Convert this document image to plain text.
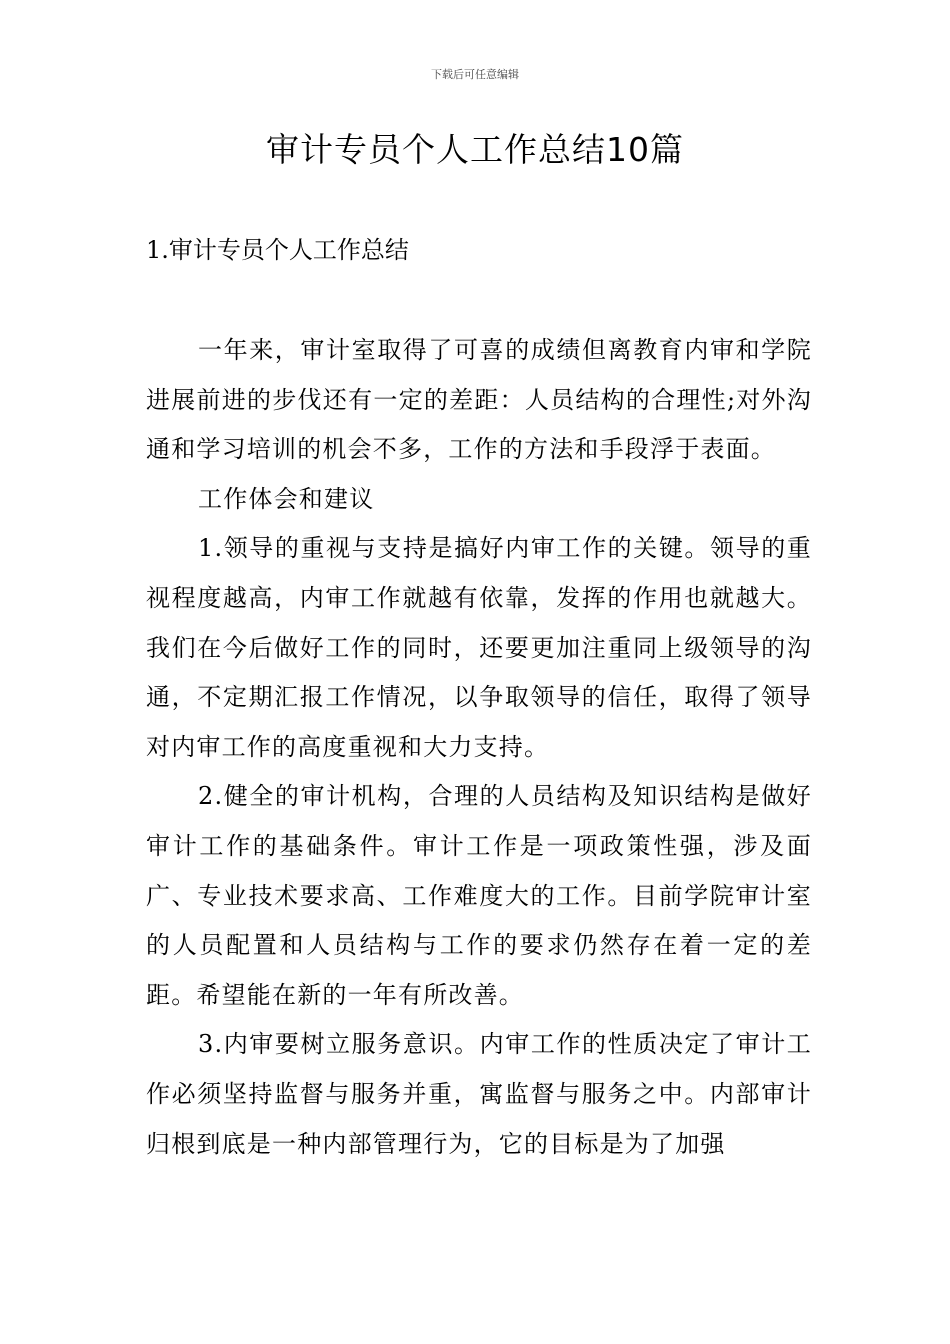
下载后可任意编辑
审计专员个人工作总结10篇
1.审计专员个人工作总结

一年来，审计室取得了可喜的成绩但离教育内审和学院进展前进的步伐还有一定的差距：人员结构的合理性;对外沟通和学习培训的机会不多，工作的方法和手段浮于表面。

工作体会和建议

1.领导的重视与支持是搞好内审工作的关键。领导的重视程度越高，内审工作就越有依靠，发挥的作用也就越大。我们在今后做好工作的同时，还要更加注重同上级领导的沟通，不定期汇报工作情况，以争取领导的信任，取得了领导对内审工作的高度重视和大力支持。

2.健全的审计机构，合理的人员结构及知识结构是做好审计工作的基础条件。审计工作是一项政策性强，涉及面广、专业技术要求高、工作难度大的工作。目前学院审计室的人员配置和人员结构与工作的要求仍然存在着一定的差距。希望能在新的一年有所改善。

3.内审要树立服务意识。内审工作的性质决定了审计工作必须坚持监督与服务并重，寓监督与服务之中。内部审计归根到底是一种内部管理行为，它的目标是为了加强
